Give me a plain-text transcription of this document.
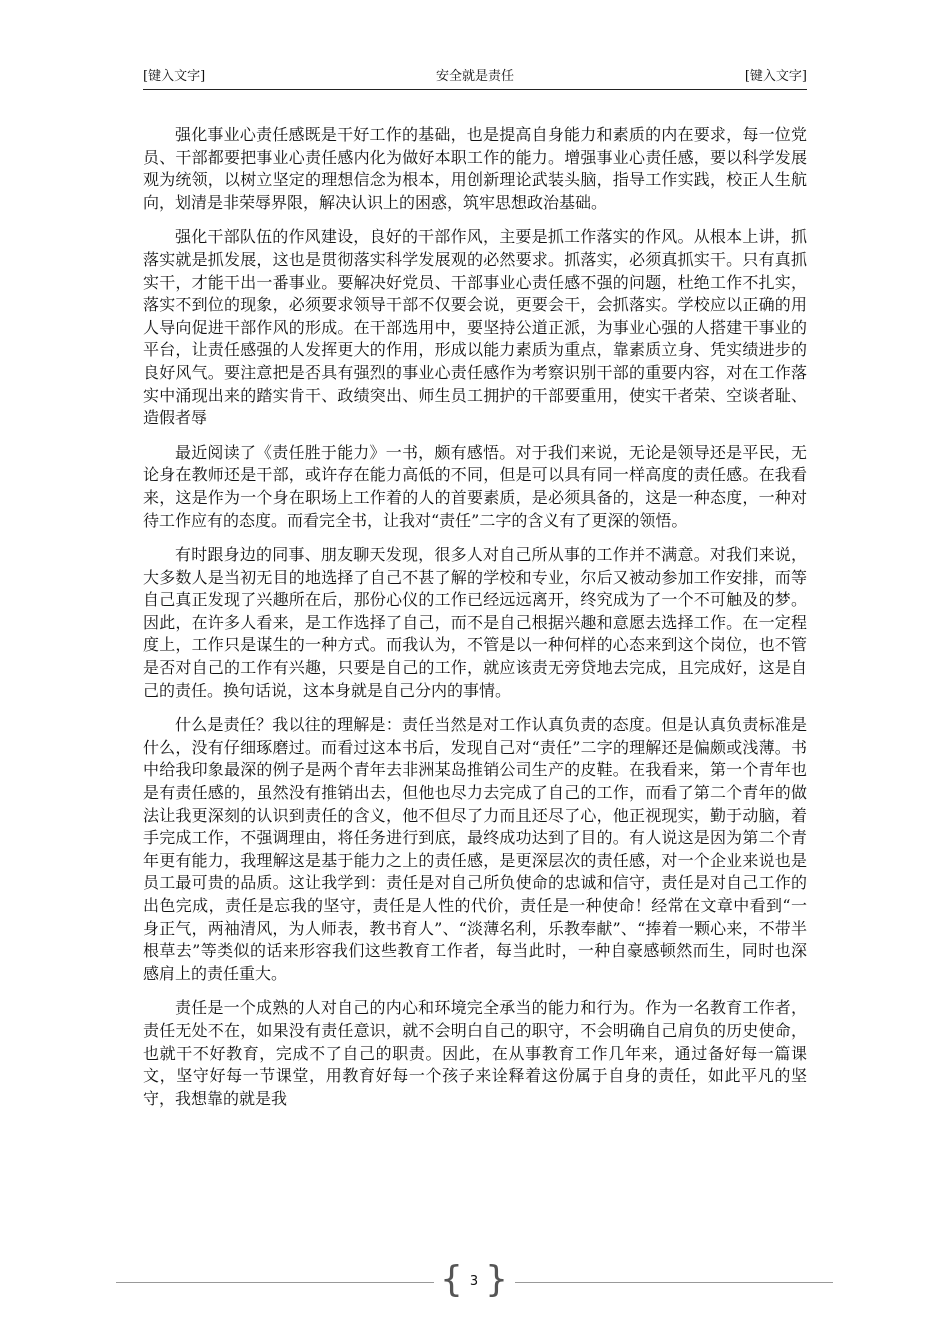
[键入文字]	安全就是责任	[键入文字]

强化事业心责任感既是干好工作的基础，也是提高自身能力和素质的内在要求，每一位党员、干部都要把事业心责任感内化为做好本职工作的能力。增强事业心责任感，要以科学发展观为统领，以树立坚定的理想信念为根本，用创新理论武装头脑，指导工作实践，校正人生航向，划清是非荣辱界限，解决认识上的困惑，筑牢思想政治基础。

强化干部队伍的作风建设，良好的干部作风，主要是抓工作落实的作风。从根本上讲，抓落实就是抓发展，这也是贯彻落实科学发展观的必然要求。抓落实，必须真抓实干。只有真抓实干，才能干出一番事业。要解决好党员、干部事业心责任感不强的问题，杜绝工作不扎实，落实不到位的现象，必须要求领导干部不仅要会说，更要会干，会抓落实。学校应以正确的用人导向促进干部作风的形成。在干部选用中，要坚持公道正派，为事业心强的人搭建干事业的平台，让责任感强的人发挥更大的作用，形成以能力素质为重点，靠素质立身、凭实绩进步的良好风气。要注意把是否具有强烈的事业心责任感作为考察识别干部的重要内容，对在工作落实中涌现出来的踏实肯干、政绩突出、师生员工拥护的干部要重用，使实干者荣、空谈者耻、造假者辱

最近阅读了《责任胜于能力》一书，颇有感悟。对于我们来说，无论是领导还是平民，无论身在教师还是干部，或许存在能力高低的不同，但是可以具有同一样高度的责任感。在我看来，这是作为一个身在职场上工作着的人的首要素质，是必须具备的，这是一种态度，一种对待工作应有的态度。而看完全书，让我对“责任”二字的含义有了更深的领悟。

有时跟身边的同事、朋友聊天发现，很多人对自己所从事的工作并不满意。对我们来说，大多数人是当初无目的地选择了自己不甚了解的学校和专业，尔后又被动参加工作安排，而等自己真正发现了兴趣所在后，那份心仪的工作已经远远离开，终究成为了一个不可触及的梦。因此，在许多人看来，是工作选择了自己，而不是自己根据兴趣和意愿去选择工作。在一定程度上，工作只是谋生的一种方式。而我认为，不管是以一种何样的心态来到这个岗位，也不管是否对自己的工作有兴趣，只要是自己的工作，就应该责无旁贷地去完成，且完成好，这是自己的责任。换句话说，这本身就是自己分内的事情。

什么是责任？我以往的理解是：责任当然是对工作认真负责的态度。但是认真负责标准是什么，没有仔细琢磨过。而看过这本书后，发现自己对“责任”二字的理解还是偏颇或浅薄。书中给我印象最深的例子是两个青年去非洲某岛推销公司生产的皮鞋。在我看来，第一个青年也是有责任感的，虽然没有推销出去，但他也尽力去完成了自己的工作，而看了第二个青年的做法让我更深刻的认识到责任的含义，他不但尽了力而且还尽了心，他正视现实，勤于动脑，着手完成工作，不强调理由，将任务进行到底，最终成功达到了目的。有人说这是因为第二个青年更有能力，我理解这是基于能力之上的责任感，是更深层次的责任感，对一个企业来说也是员工最可贵的品质。这让我学到：责任是对自己所负使命的忠诚和信守，责任是对自己工作的出色完成，责任是忘我的坚守，责任是人性的代价，责任是一种使命！经常在文章中看到“一身正气，两袖清风，为人师表，教书育人”、“淡薄名利，乐教奉献”、“捧着一颗心来，不带半根草去”等类似的话来形容我们这些教育工作者，每当此时，一种自豪感顿然而生，同时也深感肩上的责任重大。

责任是一个成熟的人对自己的内心和环境完全承当的能力和行为。作为一名教育工作者，责任无处不在，如果没有责任意识，就不会明白自己的职守，不会明确自己肩负的历史使命，也就干不好教育，完成不了自己的职责。因此，在从事教育工作几年来，通过备好每一篇课文，坚守好每一节课堂，用教育好每一个孩子来诠释着这份属于自身的责任，如此平凡的坚守，我想靠的就是我

{ 3 }
